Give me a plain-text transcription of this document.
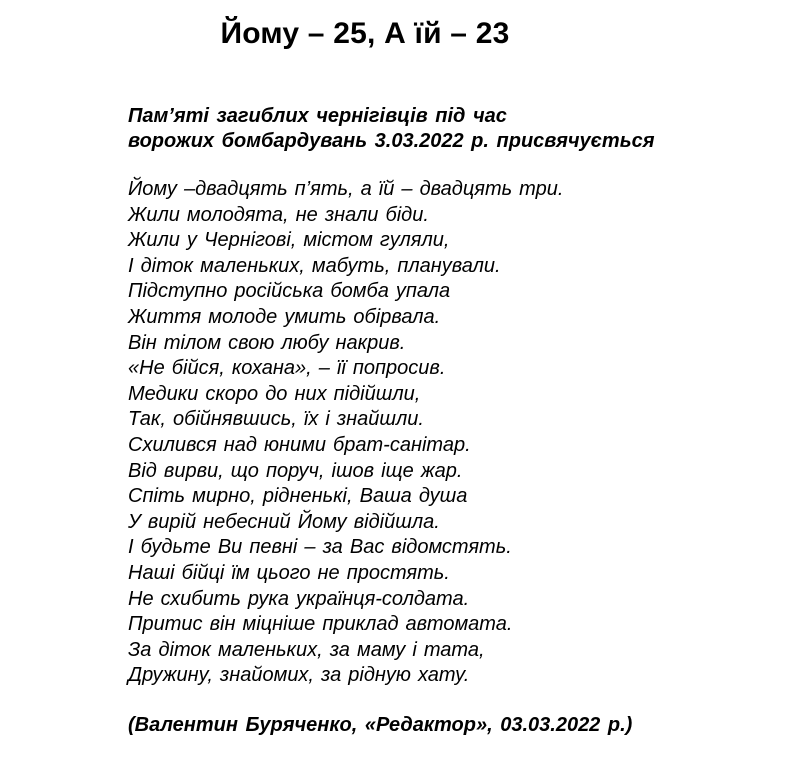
Йому – 25, А їй – 23
Пам’яті загиблих чернігівців під час
ворожих бомбардувань 3.03.2022 р. присвячується
Йому –двадцять п’ять, а їй – двадцять три.
Жили молодята, не знали біди.
Жили у Чернігові, містом гуляли,
І діток маленьких, мабуть, планували.
Підступно російська бомба упала
Життя молоде умить обірвала.
Він тілом свою любу накрив.
«Не бійся, кохана», – її попросив.
Медики скоро до них підійшли,
Так, обійнявшись, їх і знайшли.
Схилився над юними брат-санітар.
Від вирви, що поруч, ішов іще жар.
Спіть мирно, рідненькі, Ваша душа
У вирій небесний Йому відійшла.
І будьте Ви певні – за Вас відомстять.
Наші бійці їм цього не простять.
Не схибить рука українця-солдата.
Притис він міцніше приклад автомата.
За діток маленьких, за маму і тата,
Дружину, знайомих, за рідную хату.
(Валентин Буряченко, «Редактор», 03.03.2022 р.)
